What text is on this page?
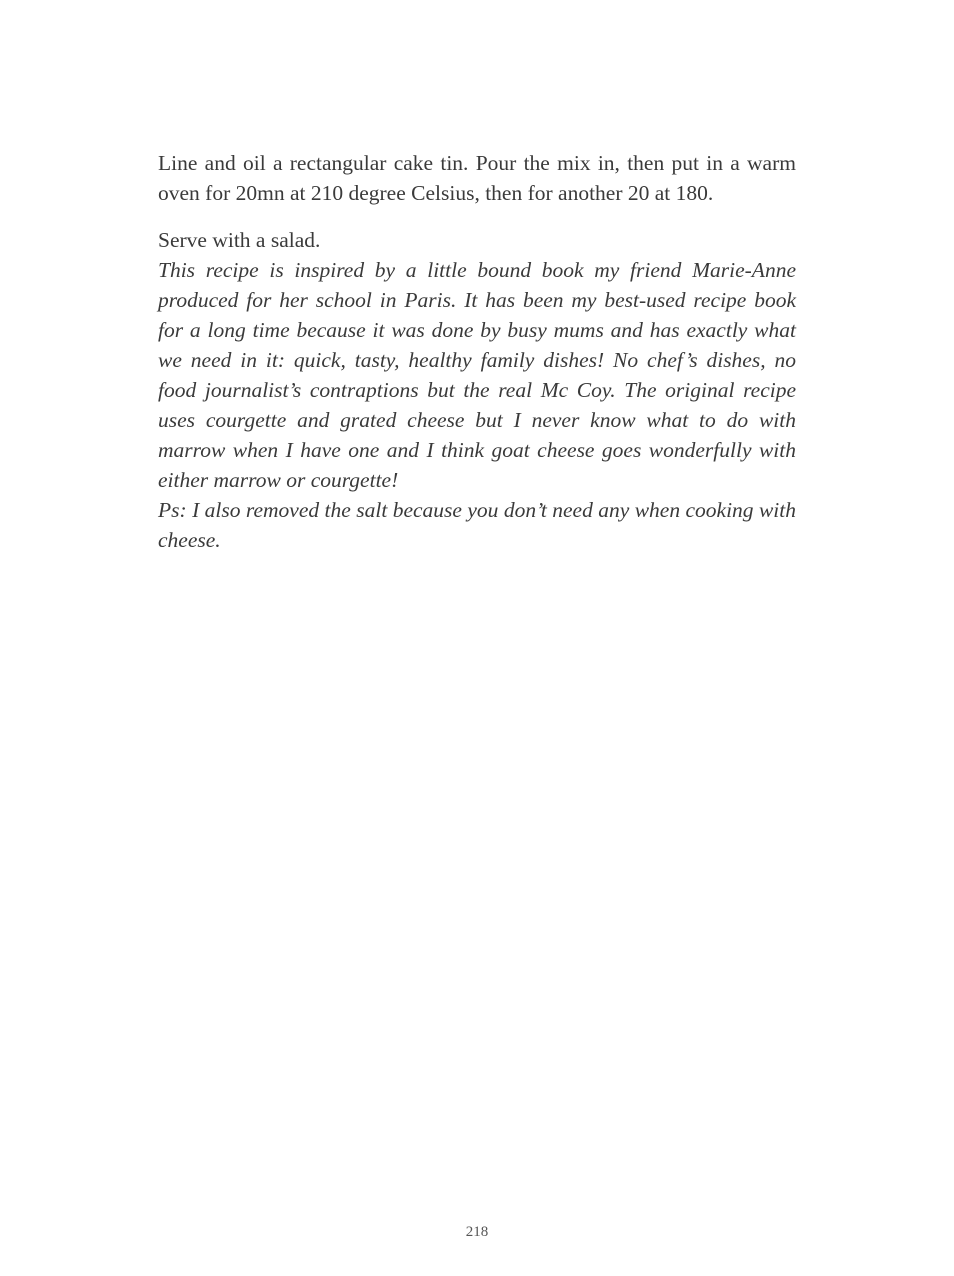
Line and oil a rectangular cake tin. Pour the mix in, then put in a warm oven for 20mn at 210 degree Celsius, then for another 20 at 180.

Serve with a salad.

This recipe is inspired by a little bound book my friend Marie-Anne produced for her school in Paris. It has been my best-used recipe book for a long time because it was done by busy mums and has exactly what we need in it: quick, tasty, healthy family dishes! No chef’s dishes, no food journalist’s contraptions but the real Mc Coy. The original recipe uses courgette and grated cheese but I never know what to do with marrow when I have one and I think goat cheese goes wonderfully with either marrow or courgette!

Ps: I also removed the salt because you don’t need any when cooking with cheese.

218
